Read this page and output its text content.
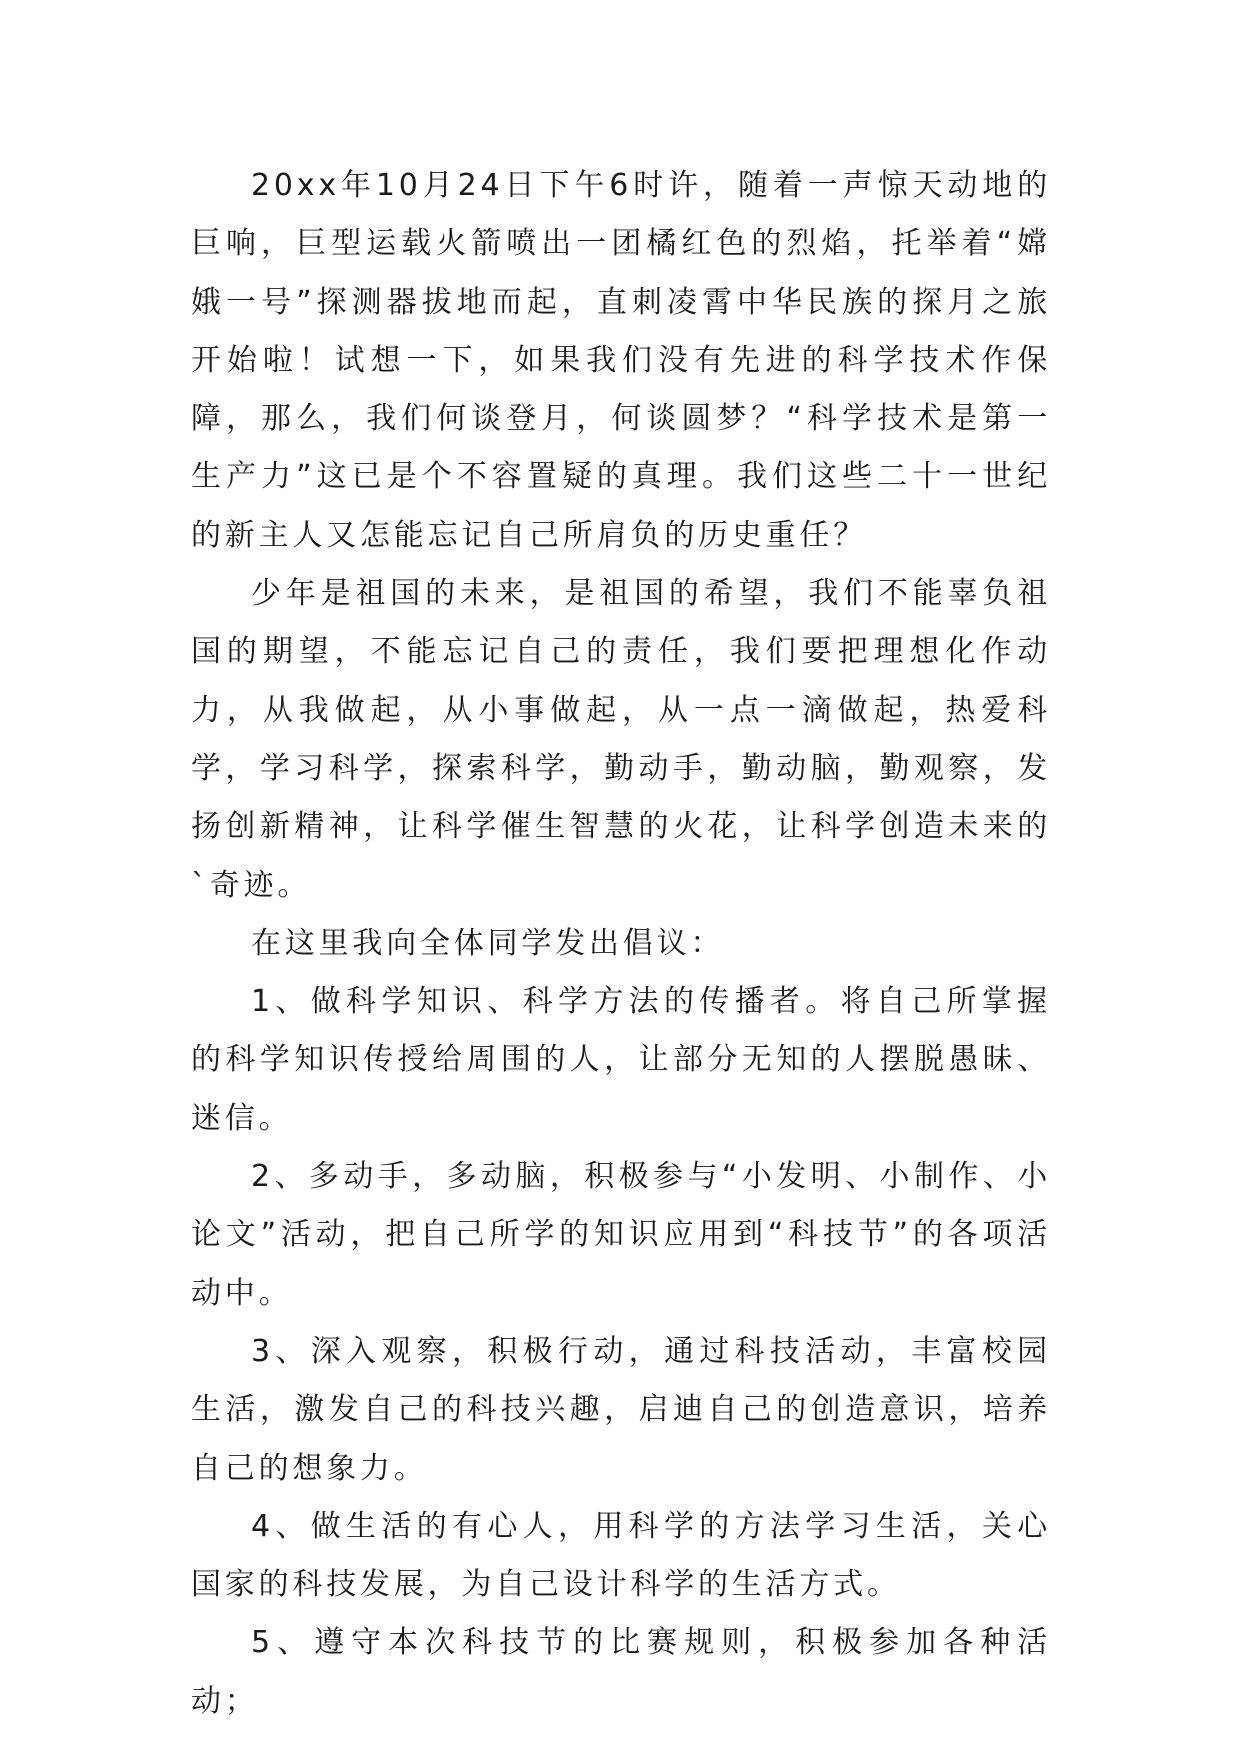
20xx年10月24日下午6时许，随着一声惊天动地的巨响，巨型运载火箭喷出一团橘红色的烈焰，托举着“嫦娥一号”探测器拔地而起，直刺凌霄中华民族的探月之旅开始啦！试想一下，如果我们没有先进的科学技术作保障，那么，我们何谈登月，何谈圆梦？“科学技术是第一生产力”这已是个不容置疑的真理。我们这些二十一世纪的新主人又怎能忘记自己所肩负的历史重任？

少年是祖国的未来，是祖国的希望，我们不能辜负祖国的期望，不能忘记自己的责任，我们要把理想化作动力，从我做起，从小事做起，从一点一滴做起，热爱科学，学习科学，探索科学，勤动手，勤动脑，勤观察，发扬创新精神，让科学催生智慧的火花，让科学创造未来的`奇迹。

在这里我向全体同学发出倡议：

1、做科学知识、科学方法的传播者。将自己所掌握的科学知识传授给周围的人，让部分无知的人摆脱愚昧、迷信。

2、多动手，多动脑，积极参与“小发明、小制作、小论文”活动，把自己所学的知识应用到“科技节”的各项活动中。

3、深入观察，积极行动，通过科技活动，丰富校园生活，激发自己的科技兴趣，启迪自己的创造意识，培养自己的想象力。

4、做生活的有心人，用科学的方法学习生活，关心国家的科技发展，为自己设计科学的生活方式。

5、遵守本次科技节的比赛规则，积极参加各种活动；
